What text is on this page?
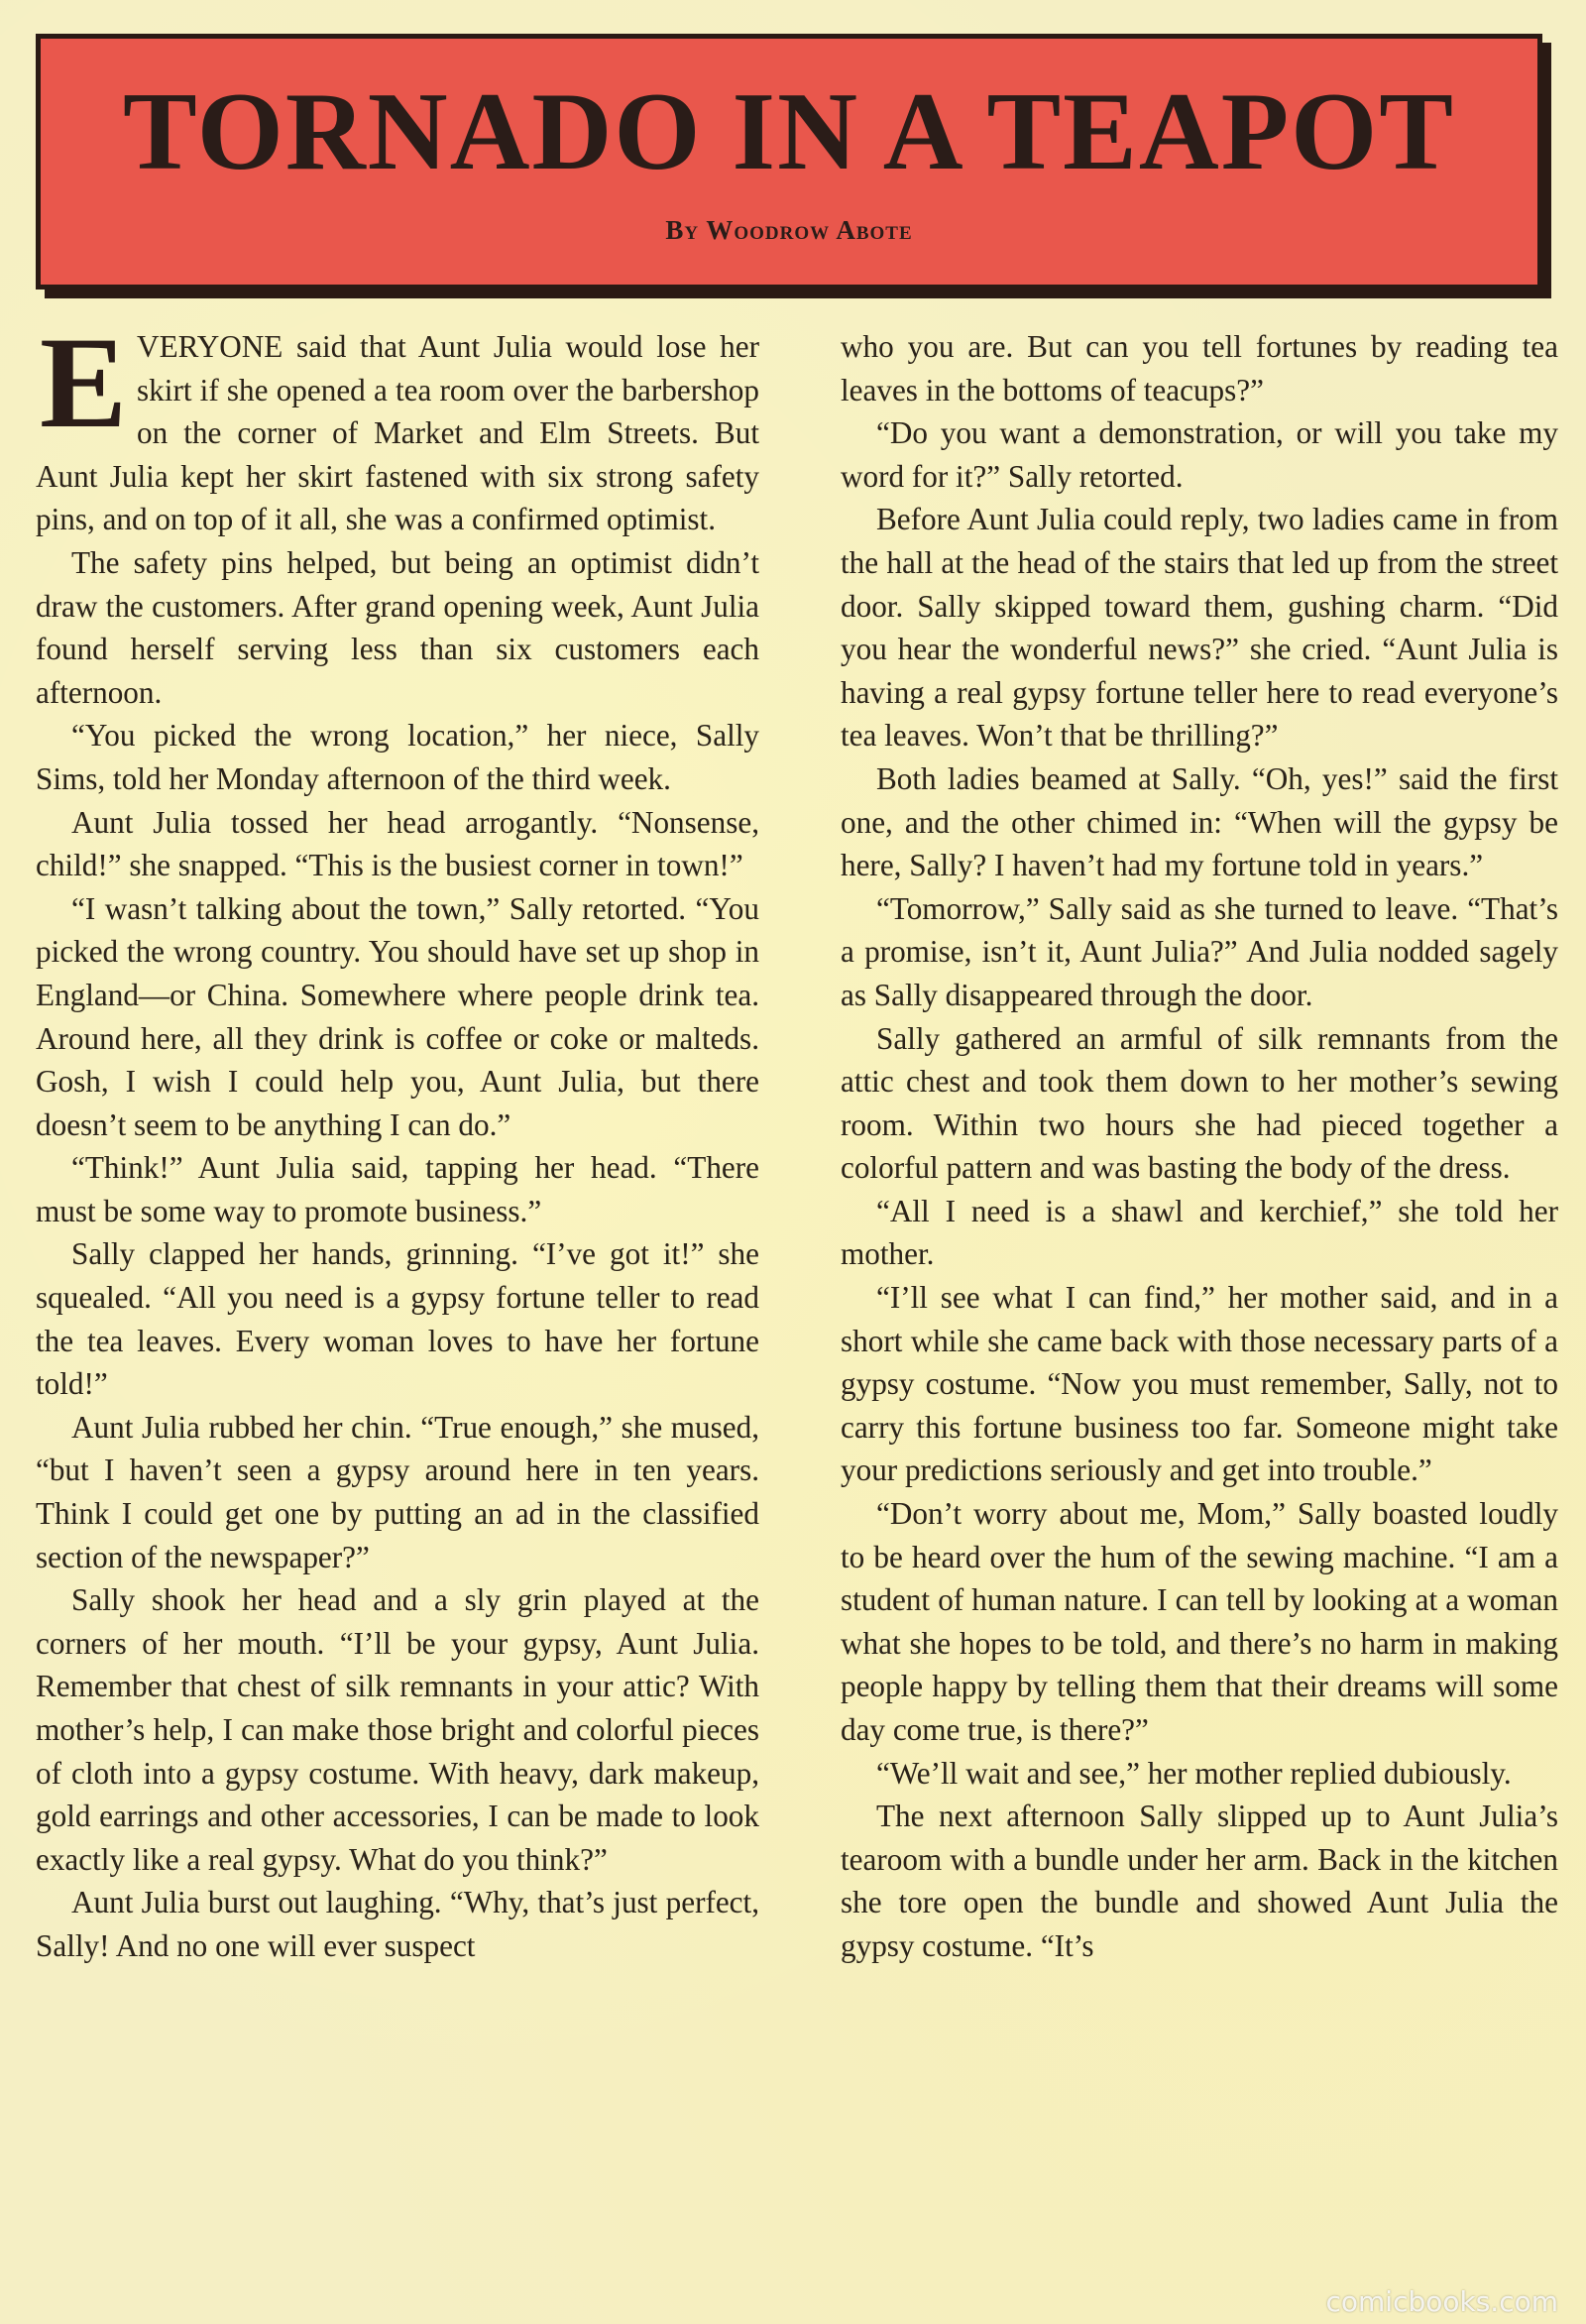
TORNADO IN A TEAPOT
By Woodrow Abote

EVERYONE said that Aunt Julia would lose her skirt if she opened a tea room over the barbershop on the corner of Market and Elm Streets. But Aunt Julia kept her skirt fastened with six strong safety pins, and on top of it all, she was a confirmed optimist.

The safety pins helped, but being an optimist didn’t draw the customers. After grand opening week, Aunt Julia found herself serving less than six customers each afternoon.

“You picked the wrong location,” her niece, Sally Sims, told her Monday afternoon of the third week.

Aunt Julia tossed her head arrogantly. “Nonsense, child!” she snapped. “This is the busiest corner in town!”

“I wasn’t talking about the town,” Sally retorted. “You picked the wrong country. You should have set up shop in England—or China. Somewhere where people drink tea. Around here, all they drink is coffee or coke or malteds. Gosh, I wish I could help you, Aunt Julia, but there doesn’t seem to be anything I can do.”

“Think!” Aunt Julia said, tapping her head. “There must be some way to promote business.”

Sally clapped her hands, grinning. “I’ve got it!” she squealed. “All you need is a gypsy fortune teller to read the tea leaves. Every woman loves to have her fortune told!”

Aunt Julia rubbed her chin. “True enough,” she mused, “but I haven’t seen a gypsy around here in ten years. Think I could get one by putting an ad in the classified section of the newspaper?”

Sally shook her head and a sly grin played at the corners of her mouth. “I’ll be your gypsy, Aunt Julia. Remember that chest of silk remnants in your attic? With mother’s help, I can make those bright and colorful pieces of cloth into a gypsy costume. With heavy, dark makeup, gold earrings and other accessories, I can be made to look exactly like a real gypsy. What do you think?”

Aunt Julia burst out laughing. “Why, that’s just perfect, Sally! And no one will ever suspect

who you are. But can you tell fortunes by reading tea leaves in the bottoms of teacups?”

“Do you want a demonstration, or will you take my word for it?” Sally retorted.

Before Aunt Julia could reply, two ladies came in from the hall at the head of the stairs that led up from the street door. Sally skipped toward them, gushing charm. “Did you hear the wonderful news?” she cried. “Aunt Julia is having a real gypsy fortune teller here to read everyone’s tea leaves. Won’t that be thrilling?”

Both ladies beamed at Sally. “Oh, yes!” said the first one, and the other chimed in: “When will the gypsy be here, Sally? I haven’t had my fortune told in years.”

“Tomorrow,” Sally said as she turned to leave. “That’s a promise, isn’t it, Aunt Julia?” And Julia nodded sagely as Sally disappeared through the door.

Sally gathered an armful of silk remnants from the attic chest and took them down to her mother’s sewing room. Within two hours she had pieced together a colorful pattern and was basting the body of the dress.

“All I need is a shawl and kerchief,” she told her mother.

“I’ll see what I can find,” her mother said, and in a short while she came back with those necessary parts of a gypsy costume. “Now you must remember, Sally, not to carry this fortune business too far. Someone might take your predictions seriously and get into trouble.”

“Don’t worry about me, Mom,” Sally boasted loudly to be heard over the hum of the sewing machine. “I am a student of human nature. I can tell by looking at a woman what she hopes to be told, and there’s no harm in making people happy by telling them that their dreams will some day come true, is there?”

“We’ll wait and see,” her mother replied dubiously.

The next afternoon Sally slipped up to Aunt Julia’s tearoom with a bundle under her arm. Back in the kitchen she tore open the bundle and showed Aunt Julia the gypsy costume. “It’s

comicbooks.com
